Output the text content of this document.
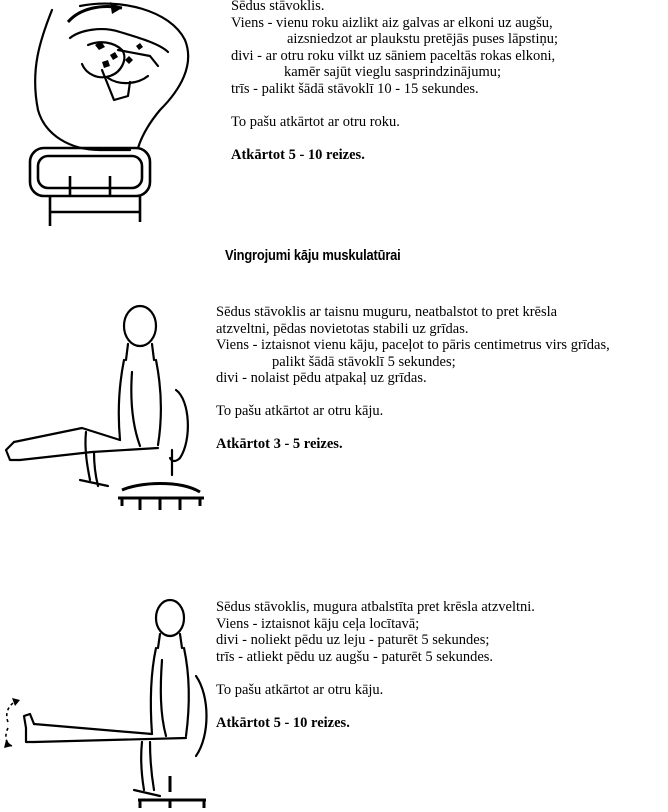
Sēdus stāvoklis.
Viens - vienu roku aizlikt aiz galvas ar elkoni uz augšu,
aizsniedzot ar plaukstu pretējās puses lāpstiņu;
divi - ar otru roku vilkt uz sāniem paceltās rokas elkoni,
kamēr sajūt vieglu sasprindzinājumu;
trīs - palikt šādā stāvoklī 10 - 15 sekundes.

To pašu atkārtot ar otru roku.

Atkārtot 5 - 10 reizes.
Vingrojumi kāju muskulatūrai
Sēdus stāvoklis ar taisnu muguru, neatbalstot to pret krēsla
atzveltni, pēdas novietotas stabili uz grīdas.
Viens - iztaisnot vienu kāju, paceļot to pāris centimetrus virs grīdas,
palikt šādā stāvoklī 5 sekundes;
divi - nolaist pēdu atpakaļ uz grīdas.

To pašu atkārtot ar otru kāju.

Atkārtot 3 - 5 reizes.
Sēdus stāvoklis, mugura atbalstīta pret krēsla atzveltni.
Viens - iztaisnot kāju ceļa locītavā;
divi - noliekt pēdu uz leju - paturēt 5 sekundes;
trīs - atliekt pēdu uz augšu - paturēt 5 sekundes.

To pašu atkārtot ar otru kāju.

Atkārtot 5 - 10 reizes.
